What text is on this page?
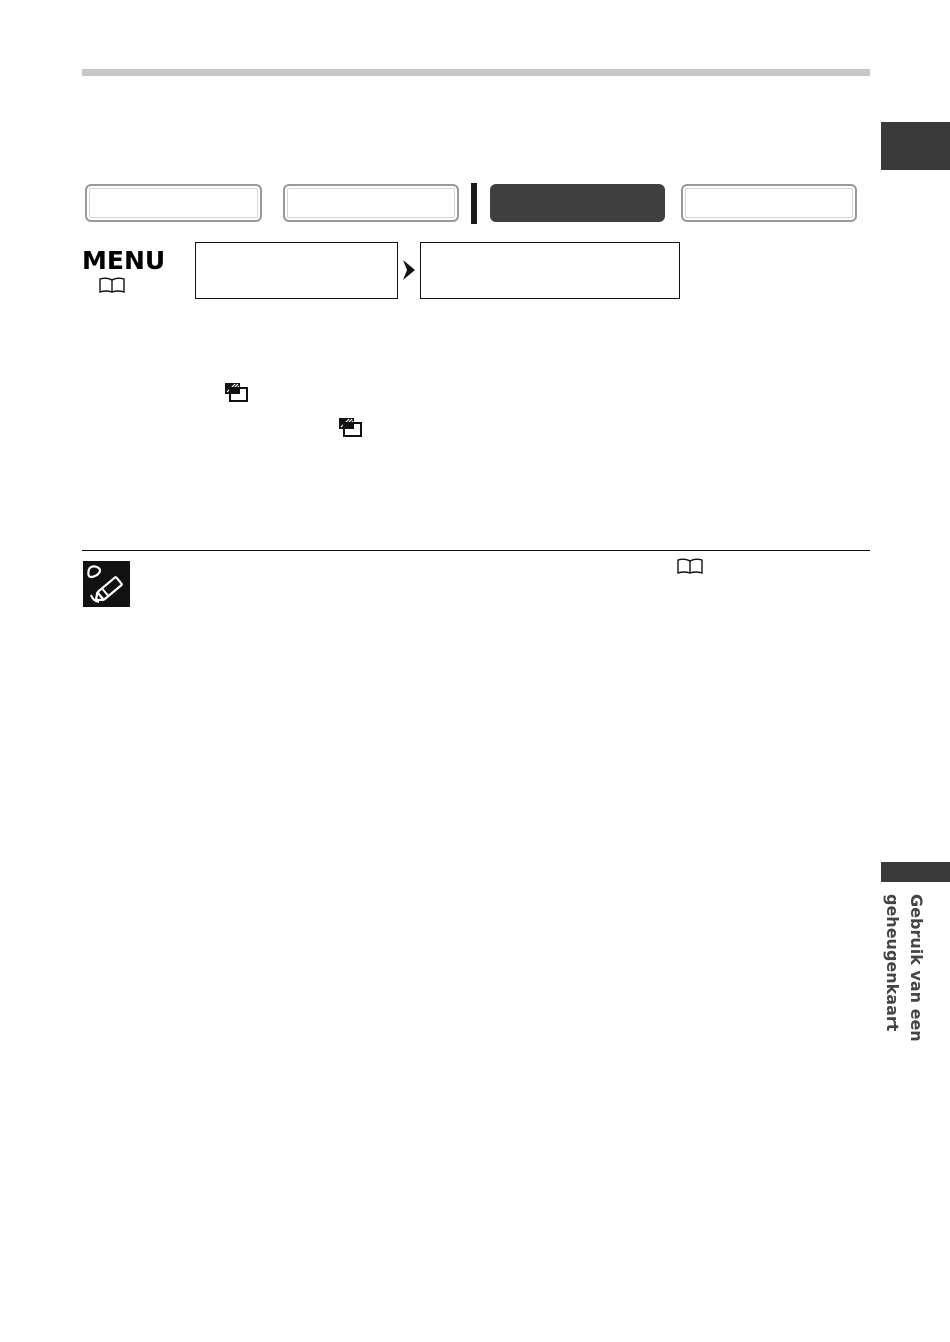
MENU

Gebruik van een
geheugenkaart
